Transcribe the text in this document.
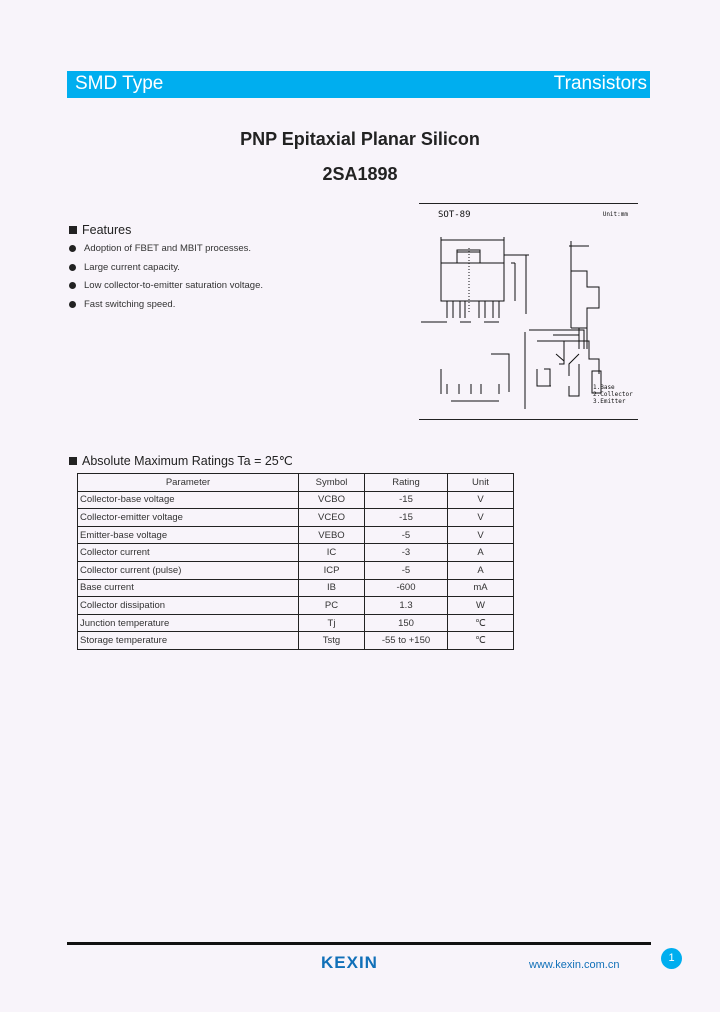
SMD Type	Transistors
PNP Epitaxial Planar Silicon
2SA1898
Features
Adoption of FBET and MBIT processes.
Large current capacity.
Low collector-to-emitter saturation voltage.
Fast switching speed.
SOT-89	Unit:mm
1.Base
2.Collector
3.Emitter
Absolute Maximum Ratings Ta = 25℃
Parameter	Symbol	Rating	Unit
Collector-base voltage	VCBO	-15	V
Collector-emitter voltage	VCEO	-15	V
Emitter-base voltage	VEBO	-5	V
Collector current	IC	-3	A
Collector current (pulse)	ICP	-5	A
Base current	IB	-600	mA
Collector dissipation	PC	1.3	W
Junction temperature	Tj	150	℃
Storage temperature	Tstg	-55 to +150	℃
KEXIN	www.kexin.com.cn
1
